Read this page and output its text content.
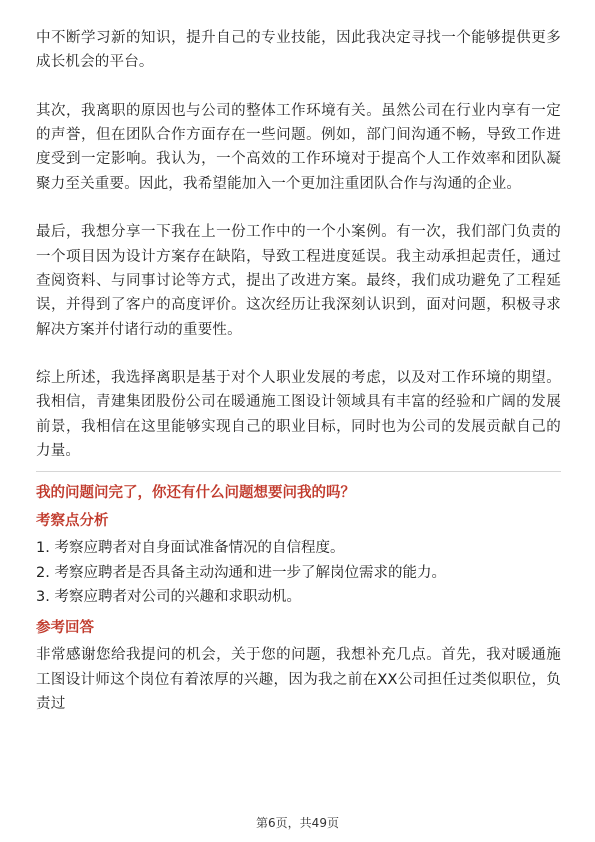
中不断学习新的知识，提升自己的专业技能，因此我决定寻找一个能够提供更多成长机会的平台。

其次，我离职的原因也与公司的整体工作环境有关。虽然公司在行业内享有一定的声誉，但在团队合作方面存在一些问题。例如，部门间沟通不畅，导致工作进度受到一定影响。我认为，一个高效的工作环境对于提高个人工作效率和团队凝聚力至关重要。因此，我希望能加入一个更加注重团队合作与沟通的企业。

最后，我想分享一下我在上一份工作中的一个小案例。有一次，我们部门负责的一个项目因为设计方案存在缺陷，导致工程进度延误。我主动承担起责任，通过查阅资料、与同事讨论等方式，提出了改进方案。最终，我们成功避免了工程延误，并得到了客户的高度评价。这次经历让我深刻认识到，面对问题，积极寻求解决方案并付诸行动的重要性。

综上所述，我选择离职是基于对个人职业发展的考虑，以及对工作环境的期望。我相信，青建集团股份公司在暖通施工图设计领域具有丰富的经验和广阔的发展前景，我相信在这里能够实现自己的职业目标，同时也为公司的发展贡献自己的力量。

我的问题问完了，你还有什么问题想要问我的吗？
考察点分析

1. 考察应聘者对自身面试准备情况的自信程度。

2. 考察应聘者是否具备主动沟通和进一步了解岗位需求的能力。

3. 考察应聘者对公司的兴趣和求职动机。

参考回答

非常感谢您给我提问的机会，关于您的问题，我想补充几点。首先，我对暖通施工图设计师这个岗位有着浓厚的兴趣，因为我之前在XX公司担任过类似职位，负责过

第6页，共49页
